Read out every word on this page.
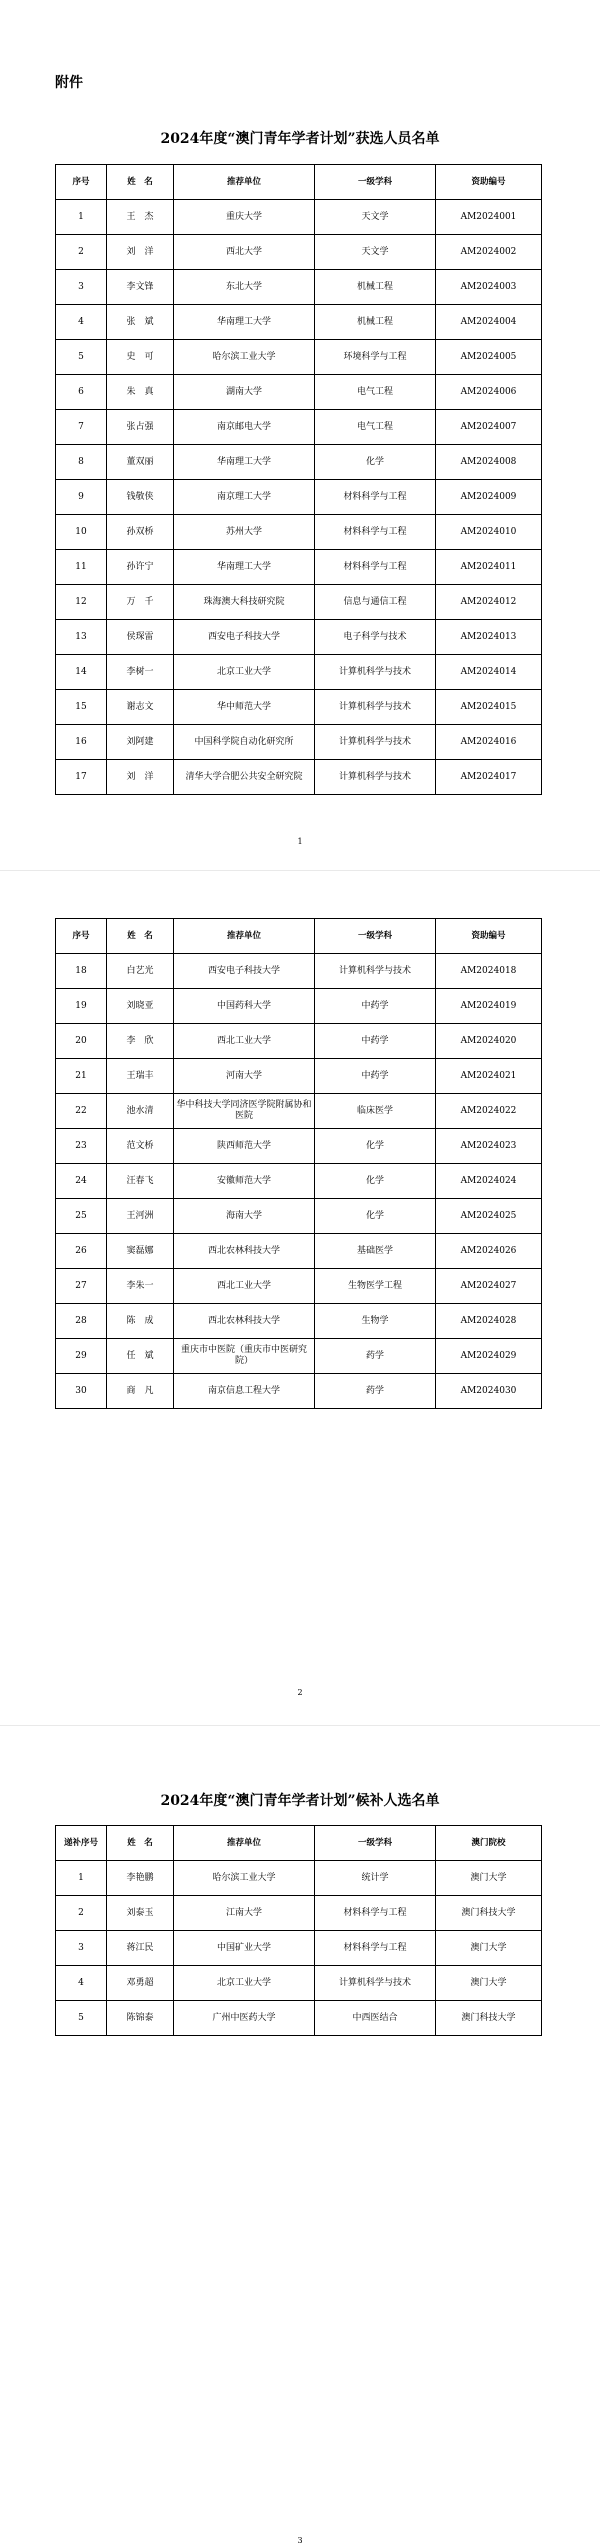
附件
2024年度“澳门青年学者计划”获选人员名单
序号	姓　名	推荐单位	一级学科	资助编号
1	王　杰	重庆大学	天文学	AM2024001
2	刘　洋	西北大学	天文学	AM2024002
3	李文锋	东北大学	机械工程	AM2024003
4	张　斌	华南理工大学	机械工程	AM2024004
5	史　可	哈尔滨工业大学	环境科学与工程	AM2024005
6	朱　真	湖南大学	电气工程	AM2024006
7	张占强	南京邮电大学	电气工程	AM2024007
8	董双丽	华南理工大学	化学	AM2024008
9	钱敬侠	南京理工大学	材料科学与工程	AM2024009
10	孙双桥	苏州大学	材料科学与工程	AM2024010
11	孙许宁	华南理工大学	材料科学与工程	AM2024011
12	万　千	珠海澳大科技研究院	信息与通信工程	AM2024012
13	侯琛雷	西安电子科技大学	电子科学与技术	AM2024013
14	李树一	北京工业大学	计算机科学与技术	AM2024014
15	谢志文	华中师范大学	计算机科学与技术	AM2024015
16	刘阿建	中国科学院自动化研究所	计算机科学与技术	AM2024016
17	刘　洋	清华大学合肥公共安全研究院	计算机科学与技术	AM2024017
1
序号	姓　名	推荐单位	一级学科	资助编号
18	白艺光	西安电子科技大学	计算机科学与技术	AM2024018
19	刘晓亚	中国药科大学	中药学	AM2024019
20	李　欣	西北工业大学	中药学	AM2024020
21	王瑞丰	河南大学	中药学	AM2024021
22	池水清	华中科技大学同济医学院附属协和医院	临床医学	AM2024022
23	范文桥	陕西师范大学	化学	AM2024023
24	汪春飞	安徽师范大学	化学	AM2024024
25	王河洲	海南大学	化学	AM2024025
26	窦磊娜	西北农林科技大学	基础医学	AM2024026
27	李朱一	西北工业大学	生物医学工程	AM2024027
28	陈　成	西北农林科技大学	生物学	AM2024028
29	任　斌	重庆市中医院（重庆市中医研究院）	药学	AM2024029
30	商　凡	南京信息工程大学	药学	AM2024030
2
2024年度“澳门青年学者计划”候补人选名单
递补序号	姓　名	推荐单位	一级学科	澳门院校
1	李艳鹏	哈尔滨工业大学	统计学	澳门大学
2	刘泰玉	江南大学	材料科学与工程	澳门科技大学
3	蒋江民	中国矿业大学	材料科学与工程	澳门大学
4	邓勇超	北京工业大学	计算机科学与技术	澳门大学
5	陈锦泰	广州中医药大学	中西医结合	澳门科技大学
3
